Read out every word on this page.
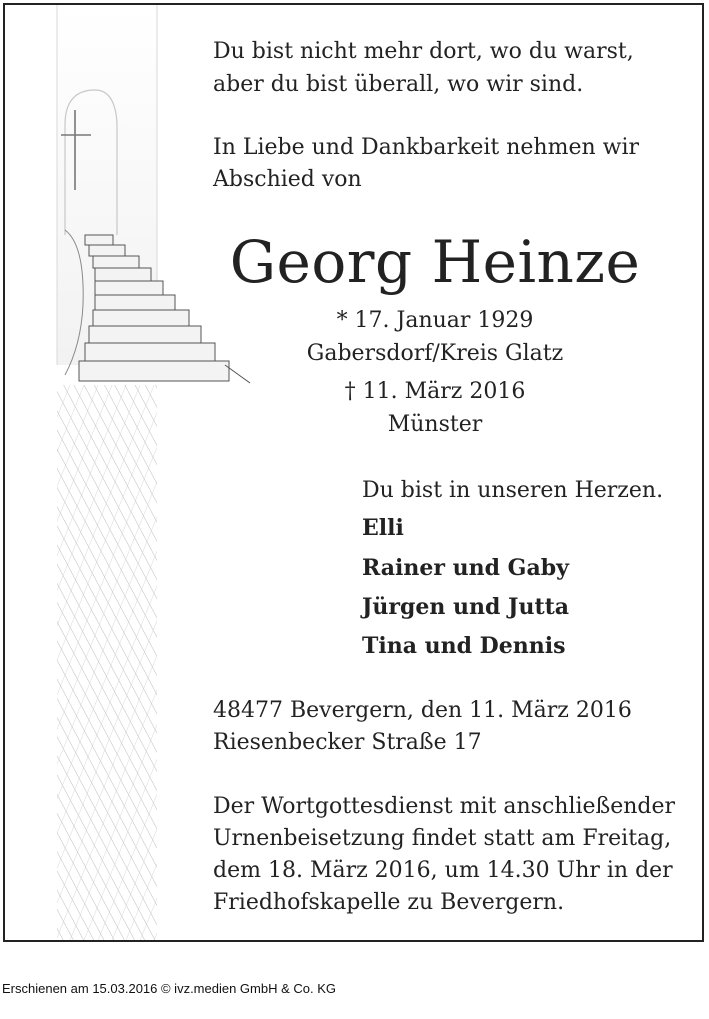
Du bist nicht mehr dort, wo du warst,
aber du bist überall, wo wir sind.
In Liebe und Dankbarkeit nehmen wir
Abschied von
Georg Heinze
* 17. Januar 1929
Gabersdorf/Kreis Glatz
† 11. März 2016
Münster
Du bist in unseren Herzen.
Elli
Rainer und Gaby
Jürgen und Jutta
Tina und Dennis
48477 Bevergern, den 11. März 2016
Riesenbecker Straße 17
Der Wortgottesdienst mit anschließender
Urnenbeisetzung findet statt am Freitag,
dem 18. März 2016, um 14.30 Uhr in der
Friedhofskapelle zu Bevergern.
Erschienen am 15.03.2016 © ivz.medien GmbH & Co. KG
